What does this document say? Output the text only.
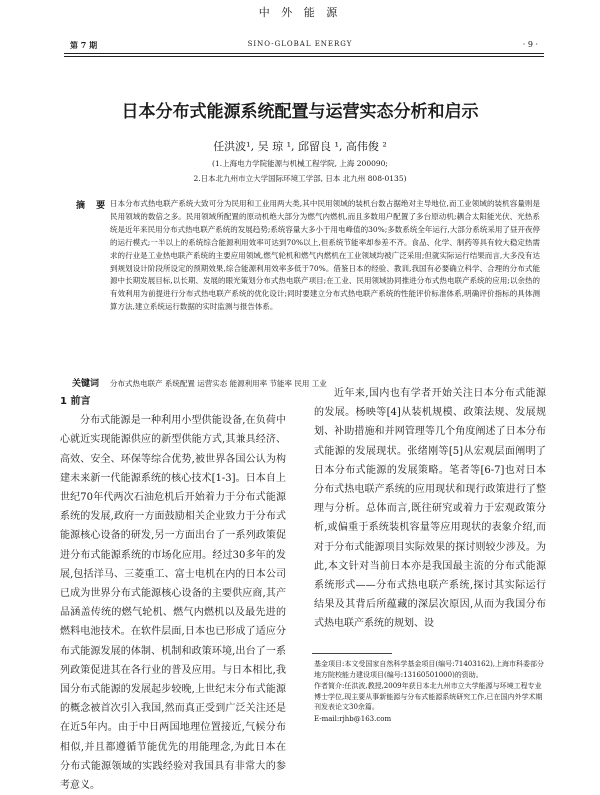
中 外 能 源
第 7 期	SINO-GLOBAL ENERGY	· 9 ·
日本分布式能源系统配置与运营实态分析和启示
任洪波¹, 吴 琼 ¹, 邱留良 ¹, 高伟俊 ²
(1.上海电力学院能源与机械工程学院, 上海 200090;
2.日本北九州市立大学国际环境工学部, 日本 北九州 808-0135)
摘 要 日本分布式热电联产系统大致可分为民用和工业用两大类,其中民用领域的装机台数占据绝对主导地位,而工业领域的装机容量则是民用领域的数倍之多。民用领域所配置的原动机绝大部分为燃气内燃机,而且多数用户配置了多台原动机;耦合太阳能光伏、光热系统是近年来民用分布式热电联产系统的发展趋势;系统容量大多小于用电峰值的30%;多数系统全年运行,大部分系统采用了昼开夜停的运行模式;一半以上的系统综合能源利用效率可达到70%以上,但系统节能率却参差不齐。食品、化学、制药等具有较大稳定热需求的行业是工业热电联产系统的主要应用领域,燃气轮机和燃气内燃机在工业领域均被广泛采用;但就实际运行结果而言,大多没有达到规划设计阶段所设定的预期效果,综合能源利用效率多低于70%。借鉴日本的经验、教训,我国有必要确立科学、合理的分布式能源中长期发展目标,以长期、发展的眼光策划分布式热电联产项目;在工业、民用领域协同推进分布式热电联产系统的应用;以余热的有效利用为前提进行分布式热电联产系统的优化设计;同时要建立分布式热电联产系统的性能评价标准体系,明确评价指标的具体测算方法,建立系统运行数据的实时监测与报告体系。
关键词 分布式热电联产 系统配置 运营实态 能源利用率 节能率 民用 工业

1 前言

分布式能源是一种利用小型供能设备,在负荷中心就近实现能源供应的新型供能方式,其兼具经济、高效、安全、环保等综合优势,被世界各国公认为构建未来新一代能源系统的核心技术[1-3]。日本自上世纪70年代两次石油危机后开始着力于分布式能源系统的发展,政府一方面鼓励相关企业致力于分布式能源核心设备的研发,另一方面出台了一系列政策促进分布式能源系统的市场化应用。经过30多年的发展,包括洋马、三菱重工、富士电机在内的日本公司已成为世界分布式能源核心设备的主要供应商,其产品涵盖传统的燃气轮机、燃气内燃机以及最先进的燃料电池技术。在软件层面,日本也已形成了适应分布式能源发展的体制、机制和政策环境,出台了一系列政策促进其在各行业的普及应用。与日本相比,我国分布式能源的发展起步较晚,上世纪末分布式能源的概念被首次引入我国,然而真正受到广泛关注还是在近5年内。由于中日两国地理位置接近,气候分布相似,并且都遵循节能优先的用能理念,为此日本在分布式能源领域的实践经验对我国具有非常大的参考意义。

近年来,国内也有学者开始关注日本分布式能源的发展。杨映等[4]从装机规模、政策法规、发展规划、补助措施和并网管理等几个角度阐述了日本分布式能源的发展现状。张绪刚等[5]从宏观层面阐明了日本分布式能源的发展策略。笔者等[6-7]也对日本分布式热电联产系统的应用现状和现行政策进行了整理与分析。总体而言,既往研究或着力于宏观政策分析,或偏重于系统装机容量等应用现状的表象介绍,而对于分布式能源项目实际效果的探讨则较少涉及。为此,本文针对当前日本亦是我国最主流的分布式能源系统形式——分布式热电联产系统,探讨其实际运行结果及其背后所蕴藏的深层次原因,从而为我国分布式热电联产系统的规划、设

基金项目:本文受国家自然科学基金项目(编号:71403162),上海市科委部分地方院校能力建设项目(编号:13160501000)的资助。
作者简介:任洪波,教授,2009年获日本北九州市立大学能源与环境工程专业博士学位,现主要从事新能源与分布式能源系统研究工作,已在国内外学术期刊发表论文30余篇。
E-mail:rjhb@163.com
